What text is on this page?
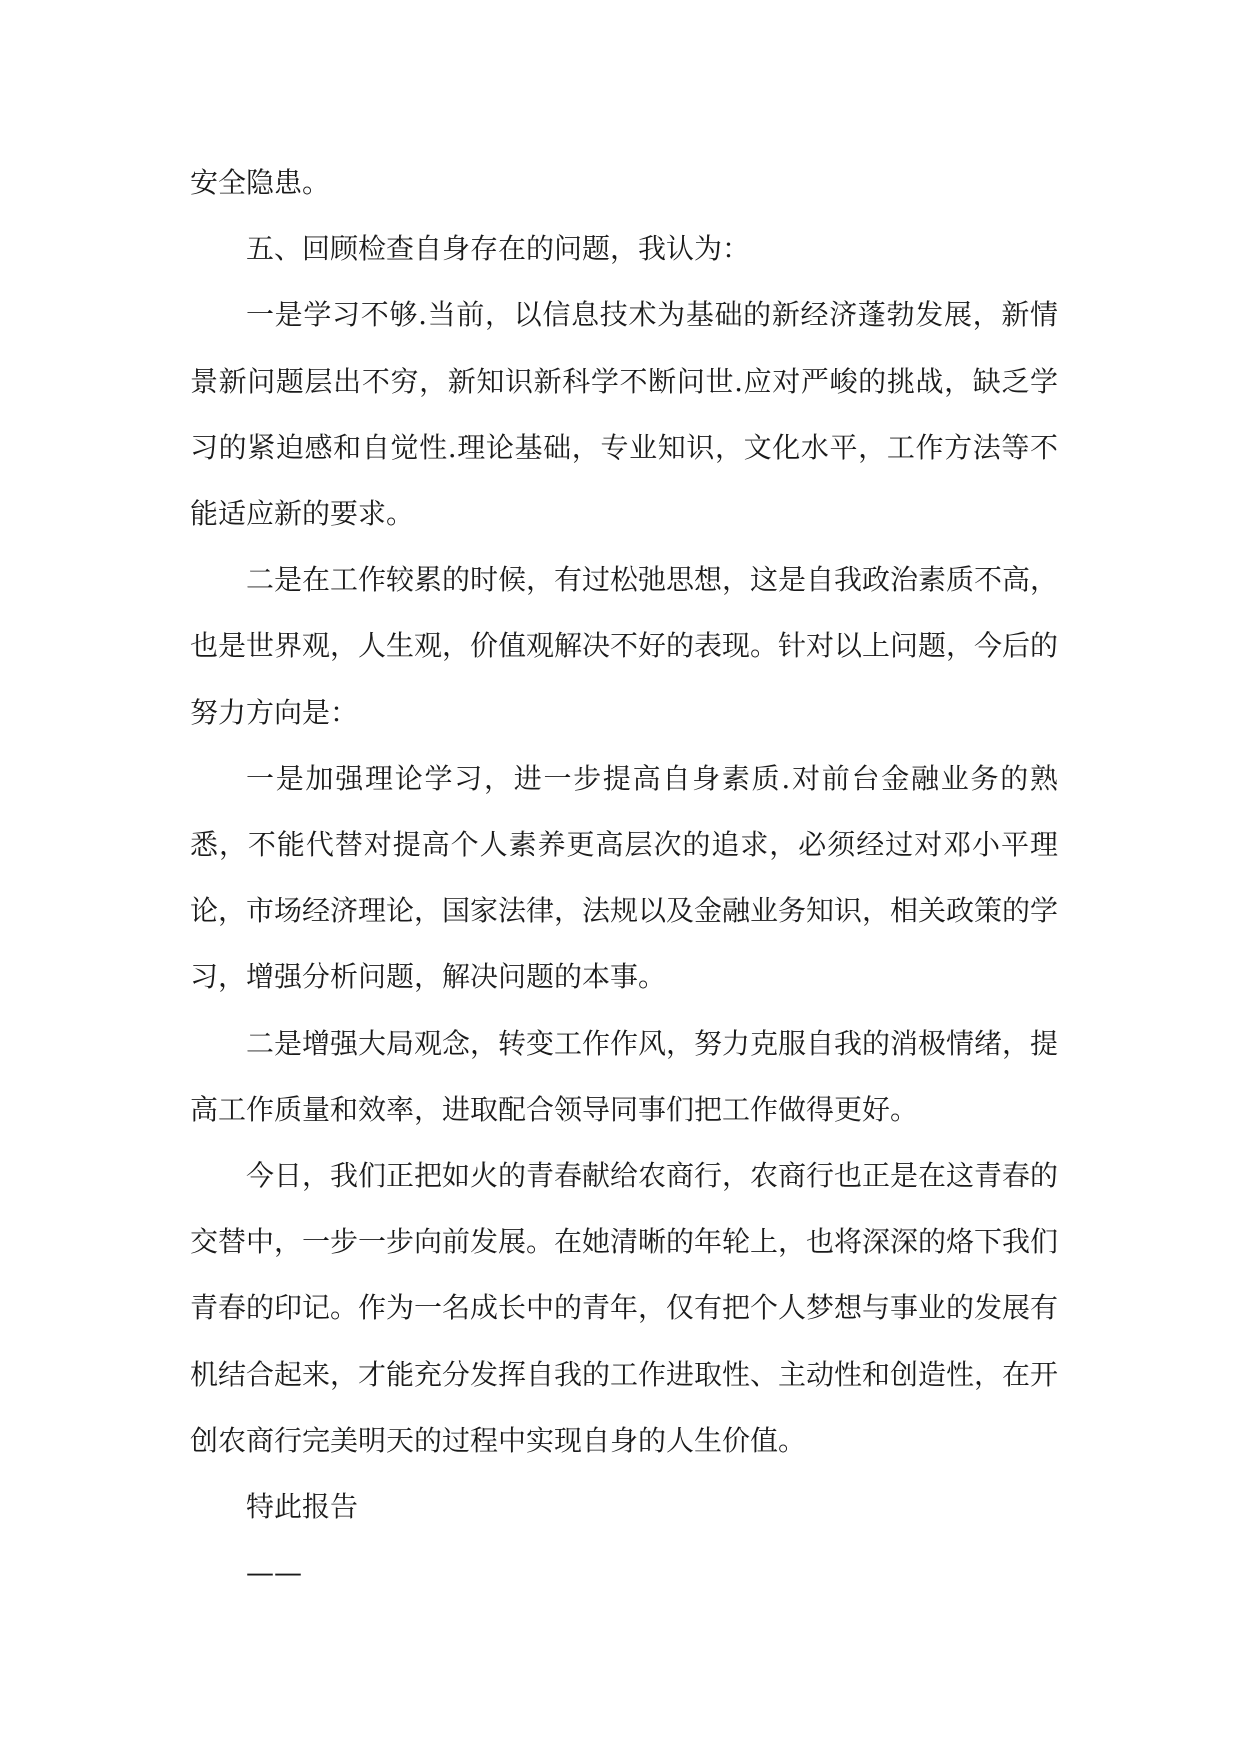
安全隐患。

五、回顾检查自身存在的问题，我认为：

一是学习不够.当前，以信息技术为基础的新经济蓬勃发展，新情景新问题层出不穷，新知识新科学不断问世.应对严峻的挑战，缺乏学习的紧迫感和自觉性.理论基础，专业知识，文化水平，工作方法等不能适应新的要求。

二是在工作较累的时候，有过松弛思想，这是自我政治素质不高，也是世界观，人生观，价值观解决不好的表现。针对以上问题，今后的努力方向是：

一是加强理论学习，进一步提高自身素质.对前台金融业务的熟悉，不能代替对提高个人素养更高层次的追求，必须经过对邓小平理论，市场经济理论，国家法律，法规以及金融业务知识，相关政策的学习，增强分析问题，解决问题的本事。

二是增强大局观念，转变工作作风，努力克服自我的消极情绪，提高工作质量和效率，进取配合领导同事们把工作做得更好。

今日，我们正把如火的青春献给农商行，农商行也正是在这青春的交替中，一步一步向前发展。在她清晰的年轮上，也将深深的烙下我们青春的印记。作为一名成长中的青年，仅有把个人梦想与事业的发展有机结合起来，才能充分发挥自我的工作进取性、主动性和创造性，在开创农商行完美明天的过程中实现自身的人生价值。

特此报告

——
